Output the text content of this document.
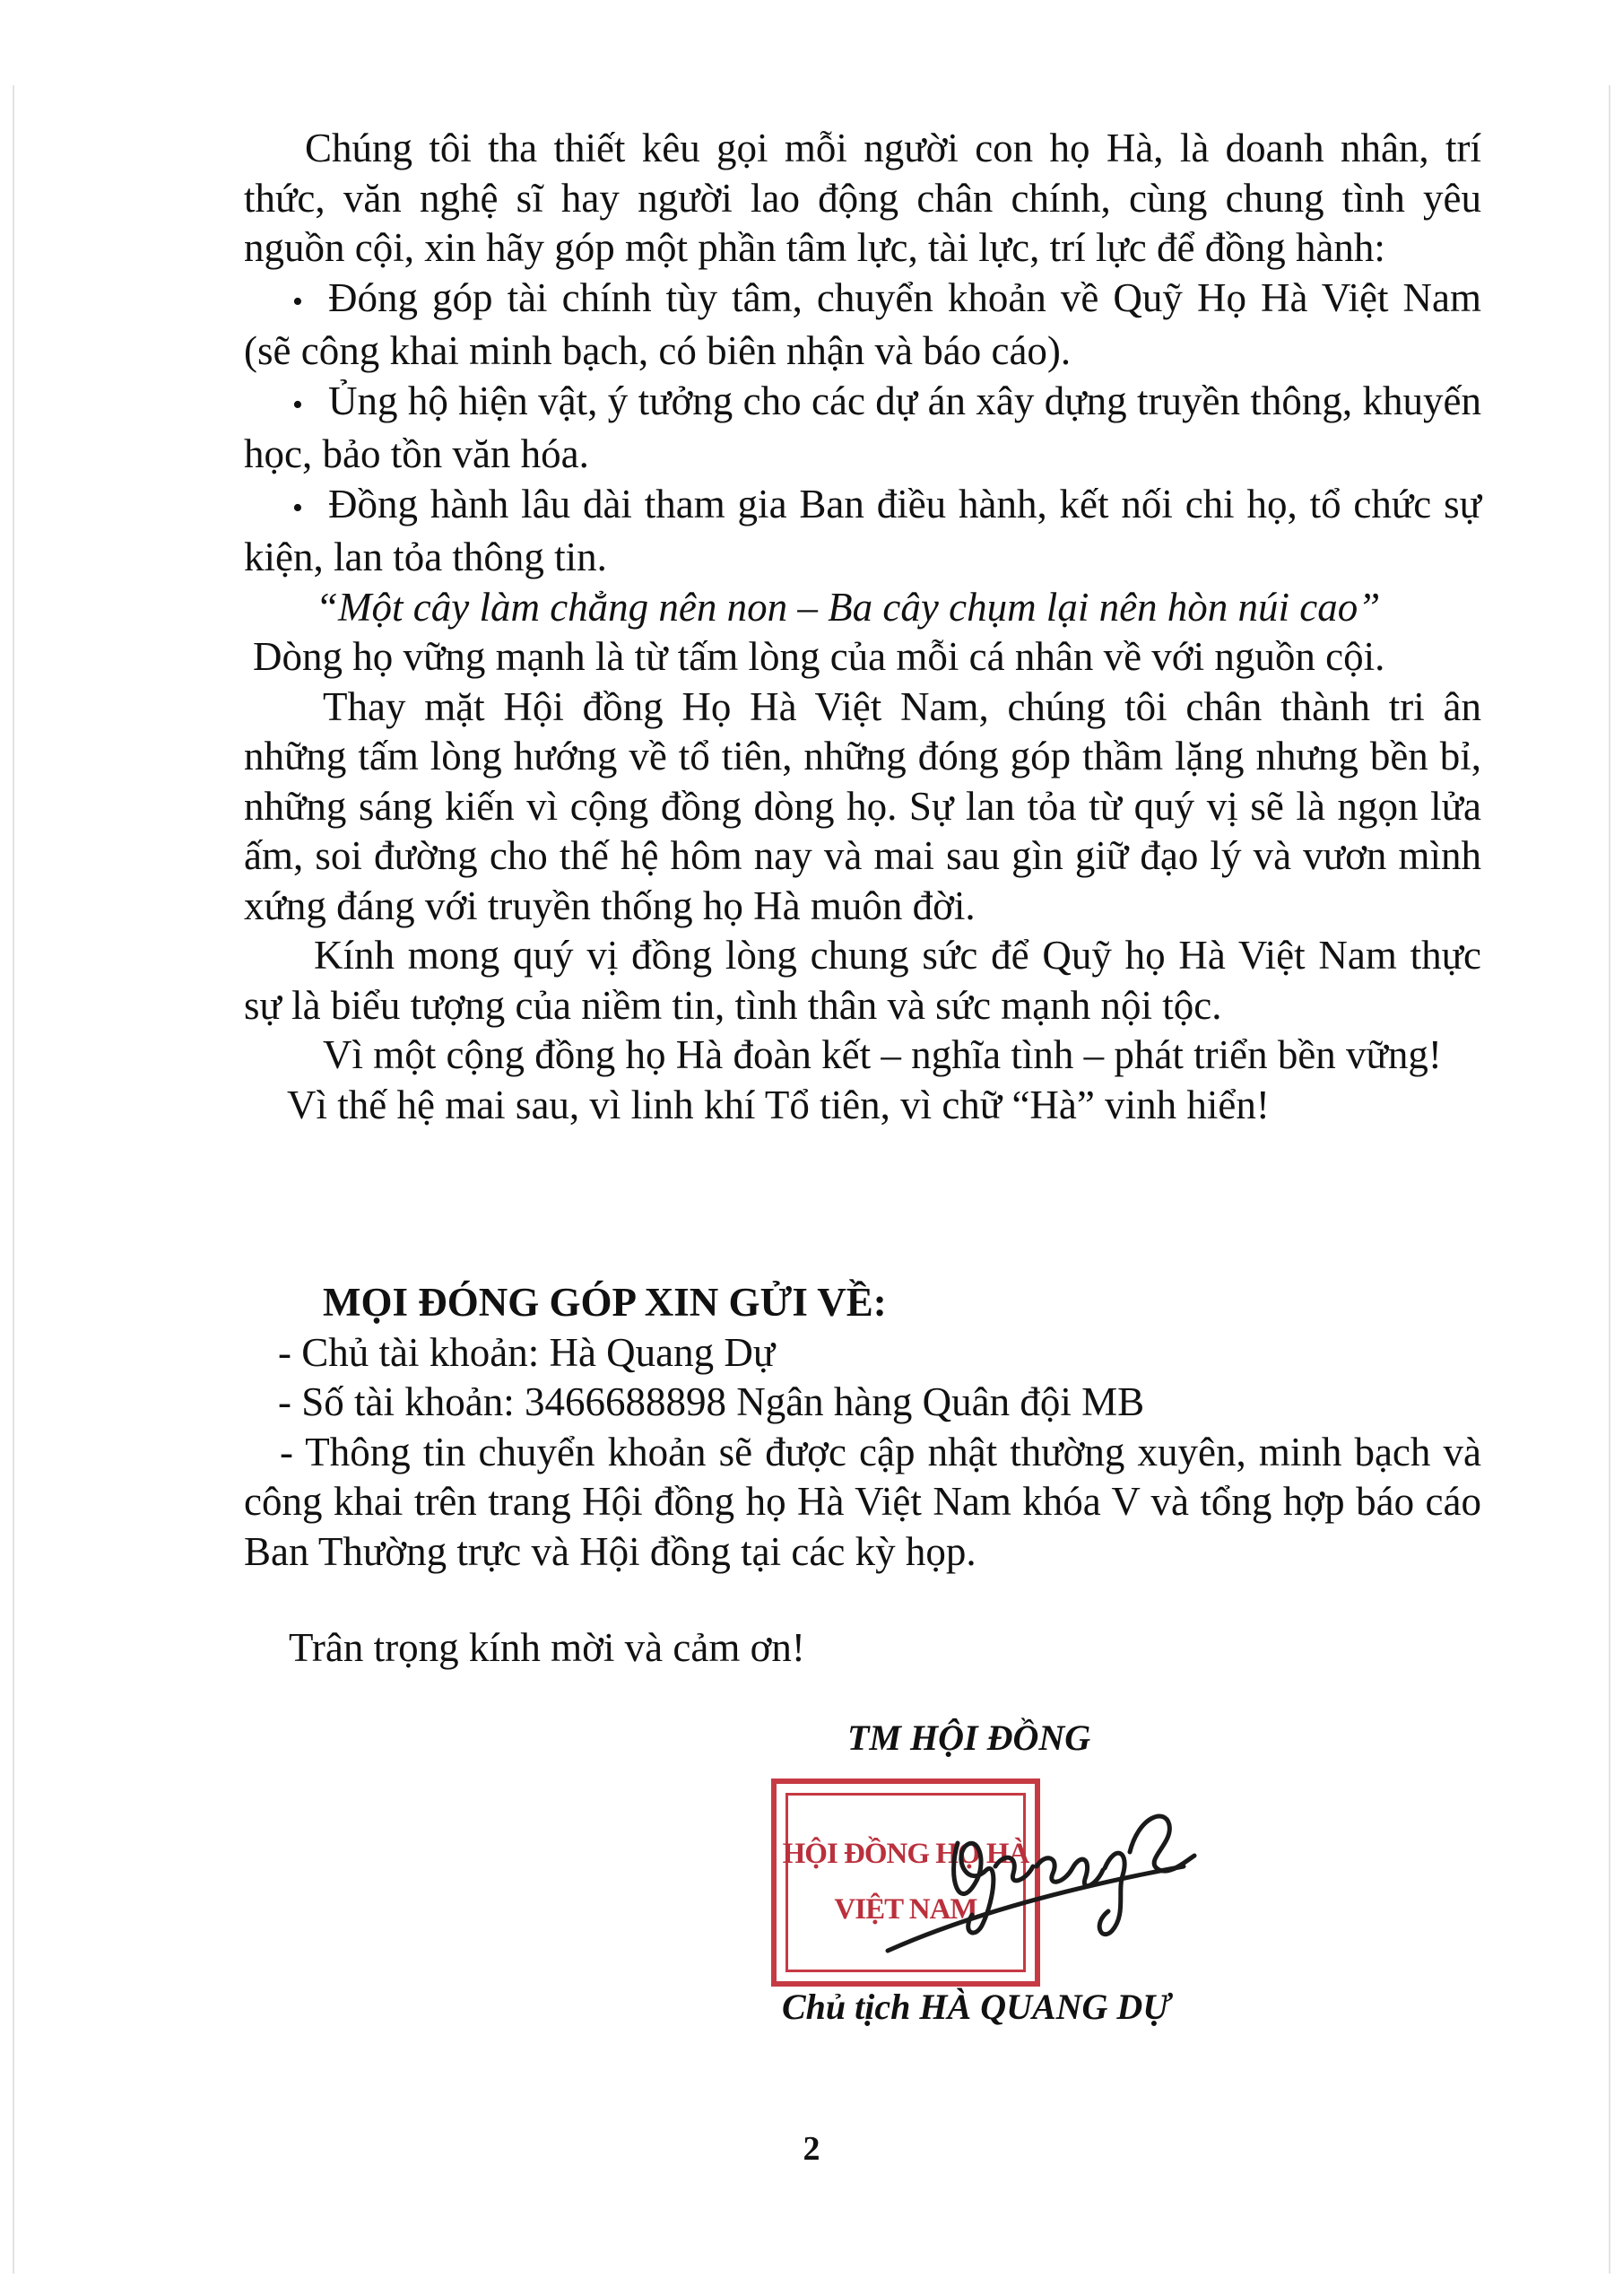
Chúng tôi tha thiết kêu gọi mỗi người con họ Hà, là doanh nhân, trí thức, văn nghệ sĩ hay người lao động chân chính, cùng chung tình yêu nguồn cội, xin hãy góp một phần tâm lực, tài lực, trí lực để đồng hành:

• Đóng góp tài chính tùy tâm, chuyển khoản về Quỹ Họ Hà Việt Nam (sẽ công khai minh bạch, có biên nhận và báo cáo).

• Ủng hộ hiện vật, ý tưởng cho các dự án xây dựng truyền thông, khuyến học, bảo tồn văn hóa.

• Đồng hành lâu dài tham gia Ban điều hành, kết nối chi họ, tổ chức sự kiện, lan tỏa thông tin.

“Một cây làm chẳng nên non – Ba cây chụm lại nên hòn núi cao”

Dòng họ vững mạnh là từ tấm lòng của mỗi cá nhân về với nguồn cội.

Thay mặt Hội đồng Họ Hà Việt Nam, chúng tôi chân thành tri ân những tấm lòng hướng về tổ tiên, những đóng góp thầm lặng nhưng bền bỉ, những sáng kiến vì cộng đồng dòng họ. Sự lan tỏa từ quý vị sẽ là ngọn lửa ấm, soi đường cho thế hệ hôm nay và mai sau gìn giữ đạo lý và vươn mình xứng đáng với truyền thống họ Hà muôn đời.

Kính mong quý vị đồng lòng chung sức để Quỹ họ Hà Việt Nam thực sự là biểu tượng của niềm tin, tình thân và sức mạnh nội tộc.

Vì một cộng đồng họ Hà đoàn kết – nghĩa tình – phát triển bền vững!

Vì thế hệ mai sau, vì linh khí Tổ tiên, vì chữ “Hà” vinh hiển!

MỌI ĐÓNG GÓP XIN GỬI VỀ:

- Chủ tài khoản: Hà Quang Dự

- Số tài khoản: 3466688898 Ngân hàng Quân đội MB

- Thông tin chuyển khoản sẽ được cập nhật thường xuyên, minh bạch và công khai trên trang Hội đồng họ Hà Việt Nam khóa V và tổng hợp báo cáo Ban Thường trực và Hội đồng tại các kỳ họp.

Trân trọng kính mời và cảm ơn!

TM HỘI ĐỒNG

HỘI ĐỒNG HỌ HÀ
VIỆT NAM

Chủ tịch HÀ QUANG DỰ

2
